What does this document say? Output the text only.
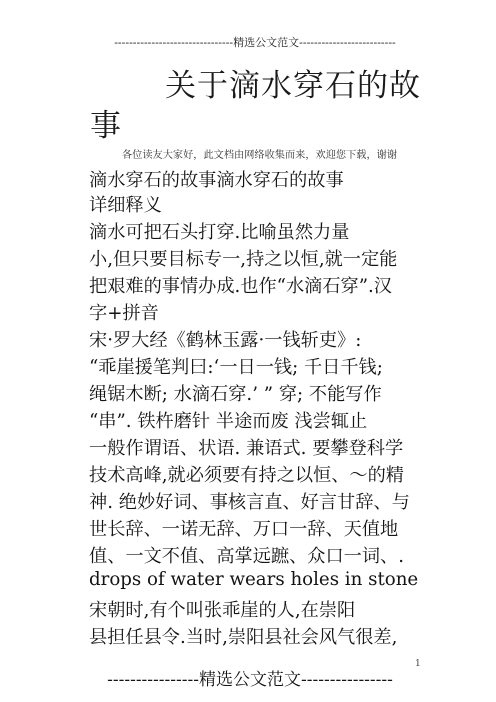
--------------------------------精选公文范文--------------------------
关于滴水穿石的故
事
各位读友大家好，此文档由网络收集而来，欢迎您下载，谢谢
滴水穿石的故事滴水穿石的故事
详细释义
滴水可把石头打穿.比喻虽然力量
小,但只要目标专一,持之以恒,就一定能
把艰难的事情办成.也作“水滴石穿”.汉
字+拼音
宋·罗大经《鹤林玉露·一钱斩吏》:
“乖崖援笔判曰:‘一日一钱; 千日千钱;
绳锯木断; 水滴石穿.’ ” 穿; 不能写作
“串”. 铁杵磨针 半途而废 浅尝辄止
一般作谓语、状语. 兼语式. 要攀登科学
技术高峰,就必须要有持之以恒、～的精
神. 绝妙好词、事核言直、好言甘辞、与
世长辞、一诺无辞、万口一辞、天值地
值、一文不值、高掌远蹠、众口一词、.
drops of water wears holes in stone
宋朝时,有个叫张乖崖的人,在崇阳
县担任县令.当时,崇阳县社会风气很差,
----------------精选公文范文----------------
1
